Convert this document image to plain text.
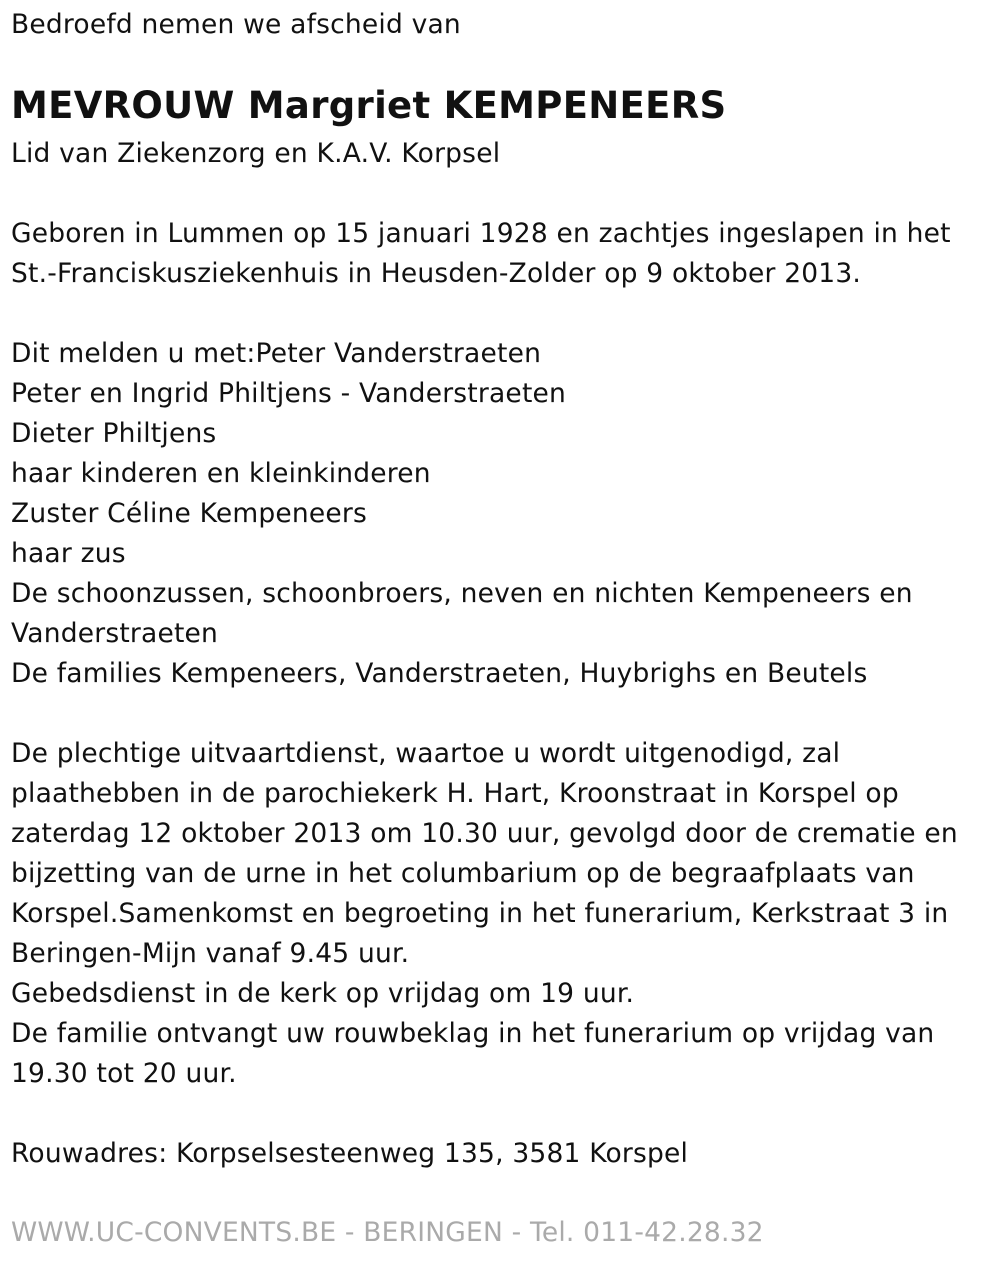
Bedroefd nemen we afscheid van
MEVROUW Margriet KEMPENEERS
Lid van Ziekenzorg en K.A.V. Korpsel
Geboren in Lummen op 15 januari 1928 en zachtjes ingeslapen in het
St.-Franciskusziekenhuis in Heusden-Zolder op 9 oktober 2013.
Dit melden u met:Peter Vanderstraeten
Peter en Ingrid Philtjens - Vanderstraeten
Dieter Philtjens
haar kinderen en kleinkinderen
Zuster Céline Kempeneers
haar zus
De schoonzussen, schoonbroers, neven en nichten Kempeneers en
Vanderstraeten
De families Kempeneers, Vanderstraeten, Huybrighs en Beutels
De plechtige uitvaartdienst, waartoe u wordt uitgenodigd, zal
plaathebben in de parochiekerk H. Hart, Kroonstraat in Korspel op
zaterdag 12 oktober 2013 om 10.30 uur, gevolgd door de crematie en
bijzetting van de urne in het columbarium op de begraafplaats van
Korspel.Samenkomst en begroeting in het funerarium, Kerkstraat 3 in
Beringen-Mijn vanaf 9.45 uur.
Gebedsdienst in de kerk op vrijdag om 19 uur.
De familie ontvangt uw rouwbeklag in het funerarium op vrijdag van
19.30 tot 20 uur.
Rouwadres: Korpselsesteenweg 135, 3581 Korspel
WWW.UC-CONVENTS.BE - BERINGEN - Tel. 011-42.28.32
